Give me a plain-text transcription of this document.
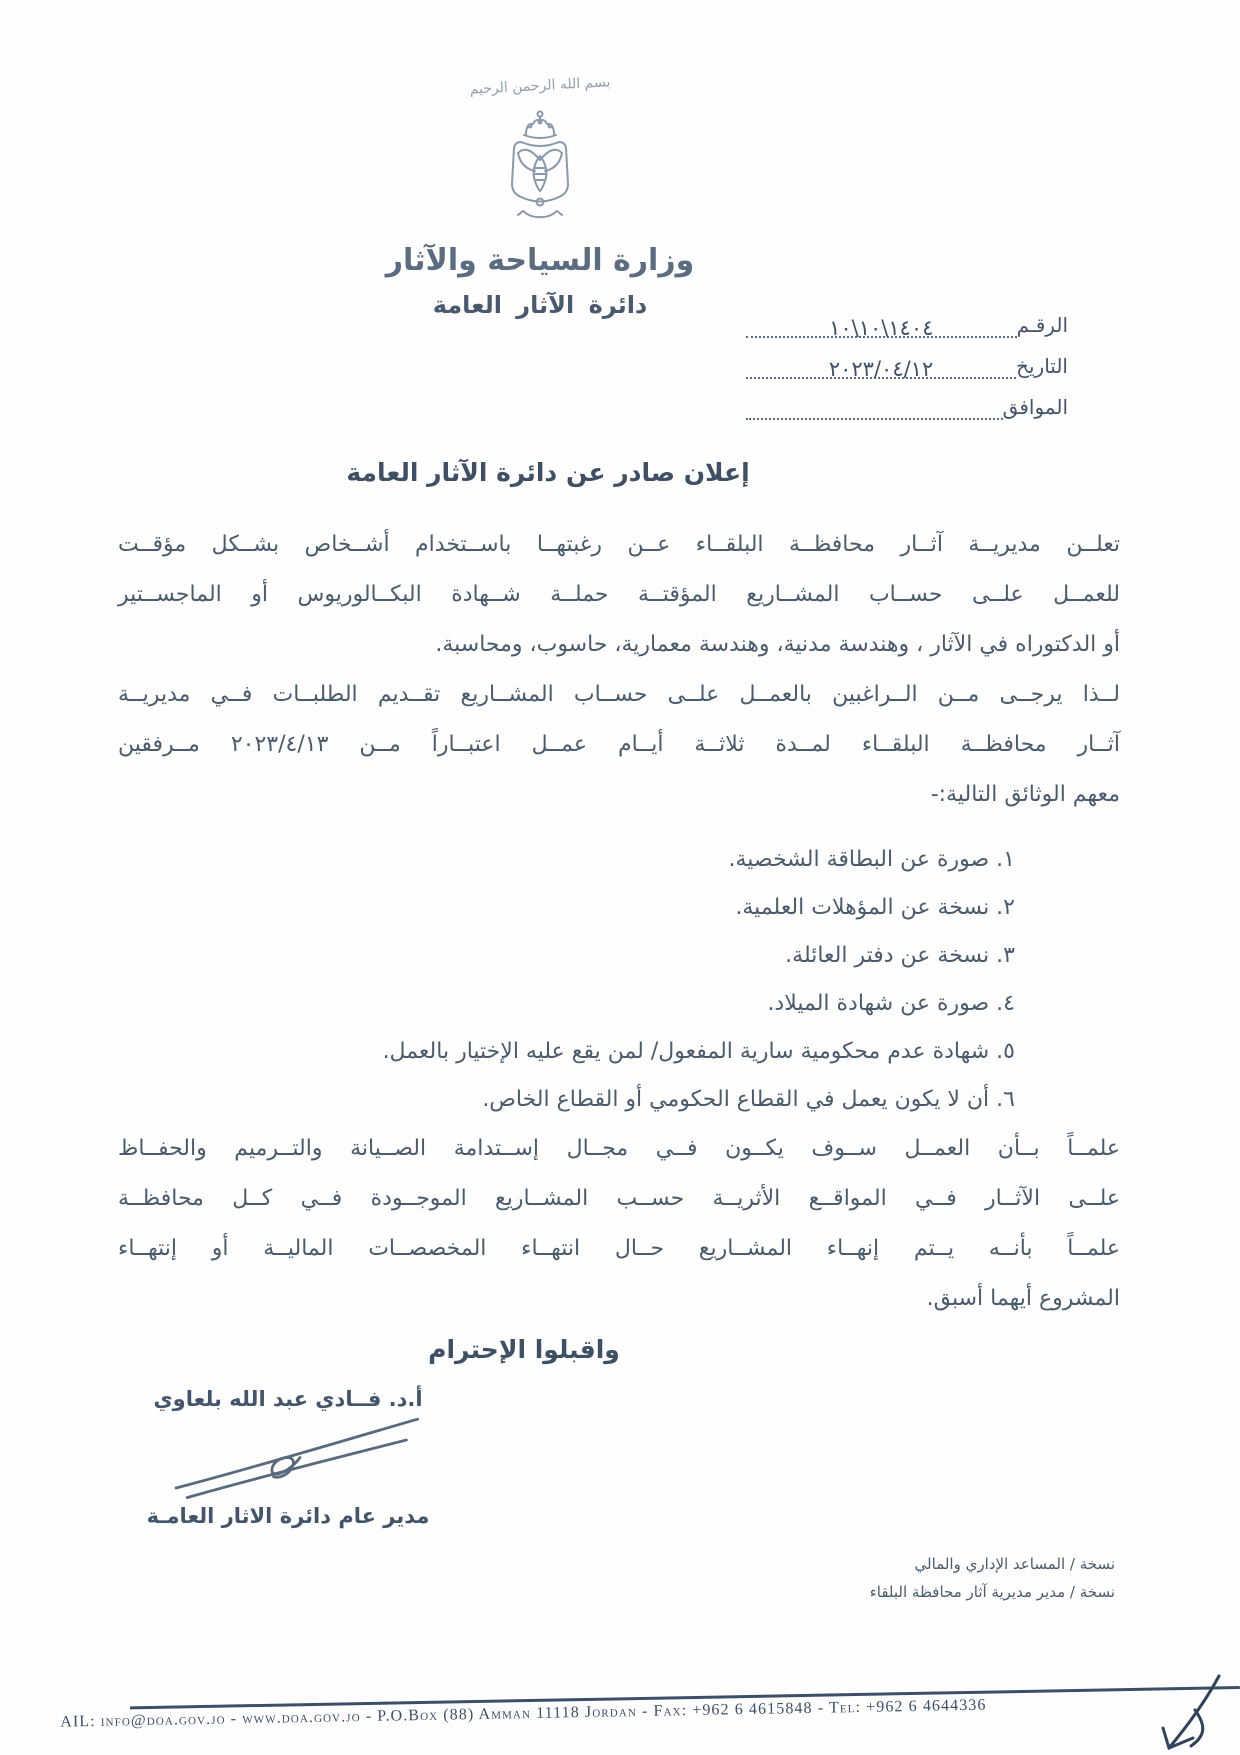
بسم الله الرحمن الرحيم
وزارة السياحة والآثار
دائرة الآثار العامة
الرقـم
١٤٠٤\١٠\١٠
التاريخ
٢٠٢٣/٠٤/١٢
الموافق
إعلان صادر عن دائرة الآثار العامة
تعلــن مديريــة آثــار محافظــة البلقــاء عــن رغبتهــا باســتخدام أشــخاص بشــكل مؤقــت
للعمــل علــى حســاب المشــاريع المؤقتــة حملــة شــهادة البكــالوريوس أو الماجســتير
أو الدكتوراه في الآثار ، وهندسة مدنية، وهندسة معمارية، حاسوب، ومحاسبة.
لــذا يرجــى مــن الــراغبين بالعمــل علــى حســاب المشــاريع تقــديم الطلبــات فــي مديريــة
آثــار محافظــة البلقــاء لمــدة ثلاثــة أيــام عمــل اعتبــاراً مــن ٢٠٢٣/٤/١٣ مــرفقين
معهم الوثائق التالية:-
١. صورة عن البطاقة الشخصية.
٢. نسخة عن المؤهلات العلمية.
٣. نسخة عن دفتر العائلة.
٤. صورة عن شهادة الميلاد.
٥. شهادة عدم محكومية سارية المفعول/ لمن يقع عليه الإختيار بالعمل.
٦. أن لا يكون يعمل في القطاع الحكومي أو القطاع الخاص.
علمــاً بــأن العمــل ســوف يكــون فــي مجــال إســتدامة الصــيانة والتــرميم والحفــاظ
علــى الآثــار فــي المواقــع الأثريــة حســب المشــاريع الموجــودة فــي كــل محافظــة
علمــاً بأنــه يــتم إنهــاء المشــاريع حــال انتهــاء المخصصــات الماليــة أو إنتهــاء
المشروع أيهما أسبق.
واقبلوا الإحترام
أ.د. فــادي عبد الله بلعاوي
مدير عام دائرة الاثار العامـة
نسخة / المساعد الإداري والمالي
نسخة / مدير مديرية آثار محافظة البلقاء
AIL: info@doa.gov.jo - www.doa.gov.jo - P.O.Box (88) Amman 11118 Jordan - Fax: +962 6 4615848 - Tel: +962 6 4644336
